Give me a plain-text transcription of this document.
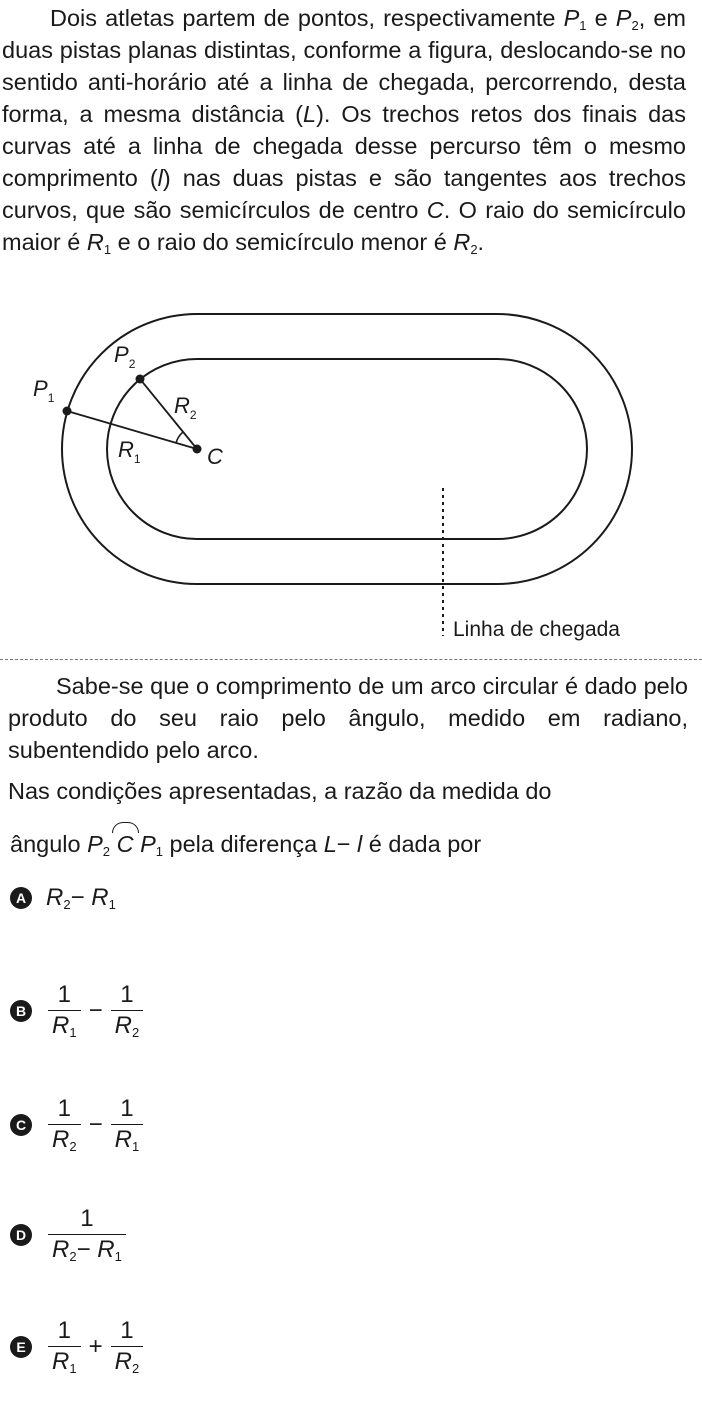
Dois atletas partem de pontos, respectivamente $P_1$ e $P_2$, em duas pistas planas distintas, conforme a figura, deslocando-se no sentido anti-horário até a linha de chegada, percorrendo, desta forma, a mesma distância (L). Os trechos retos dos finais das curvas até a linha de chegada desse percurso têm o mesmo comprimento (l) nas duas pistas e são tangentes aos trechos curvos, que são semicírculos de centro C. O raio do semicírculo maior é $R_1$ e o raio do semicírculo menor é $R_2$.

$P_1$
$P_2$
$R_2$
$R_1$	C
Linha de chegada

Sabe-se que o comprimento de um arco circular é dado pelo produto do seu raio pelo ângulo, medido em radiano, subentendido pelo arco.

Nas condições apresentadas, a razão da medida do

ângulo $P_2$ C $P_1$ pela diferença L− l é dada por
A $R_2- R_1$
B $\frac{1}{R_1} - \frac{1}{R_2}$
C $\frac{1}{R_2} - \frac{1}{R_1}$
D $\frac{1}{R_2- R_1}$
E $\frac{1}{R_1} + \frac{1}{R_2}$
